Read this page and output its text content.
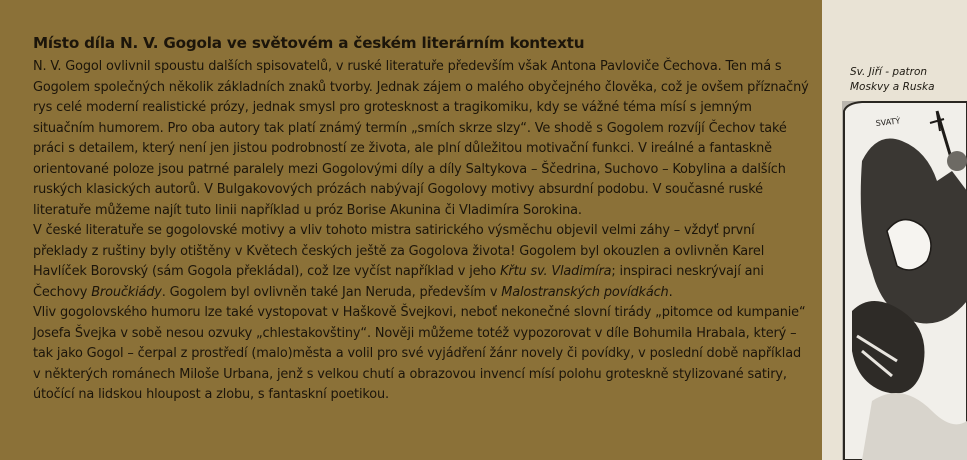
Místo díla N. V. Gogola ve světovém a českém literárním kontextu

N. V. Gogol ovlivnil spoustu dalších spisovatelů, v ruské literatuře především však Antona Pavloviče Čechova. Ten má s Gogolem společných několik základních znaků tvorby. Jednak zájem o malého obyčejného člověka, což je ovšem příznačný rys celé moderní realistické prózy, jednak smysl pro grotesknost a tragikomiku, kdy se vážné téma mísí s jemným situačním humorem. Pro oba autory tak platí známý termín „smích skrze slzy“. Ve shodě s Gogolem rozvíjí Čechov také práci s detailem, který není jen jistou podrobností ze života, ale plní důležitou motivační funkci. V ireálné a fantaskně orientované poloze jsou patrné paralely mezi Gogolovými díly a díly Saltykova – Ščedrina, Suchovo – Kobylina a dalších ruských klasických autorů. V Bulgakovových prózách nabývají Gogolovy motivy absurdní podobu. V současné ruské literatuře můžeme najít tuto linii například u próz Borise Akunina či Vladimíra Sorokina.

V české literatuře se gogolovské motivy a vliv tohoto mistra satirického výsměchu objevil velmi záhy – vždyť první překlady z ruštiny byly otištěny v Květech českých ještě za Gogolova života! Gogolem byl okouzlen a ovlivněn Karel Havlíček Borovský (sám Gogola překládal), což lze vyčíst například v jeho Křtu sv. Vladimíra; inspiraci neskrývají ani Čechovy Broučkiády. Gogolem byl ovlivněn také Jan Neruda, především v Malostranských povídkách.

Vliv gogolovského humoru lze také vystopovat v Haškově Švejkovi, neboť nekonečné slovní tirády „pitomce od kumpanie“ Josefa Švejka v sobě nesou ozvuky „chlestakovštiny“. Nověji můžeme totéž vypozorovat v díle Bohumila Hrabala, který – tak jako Gogol – čerpal z prostředí (malo)města a volil pro své vyjádření žánr novely či povídky, v poslední době například v některých románech Miloše Urbana, jenž s velkou chutí a obrazovou invencí mísí polohu groteskně stylizované satiry, útočící na lidskou hloupost a zlobu, s fantaskní poetikou.

Sv. Jiří - patron
Moskvy a Ruska
SVATÝ
